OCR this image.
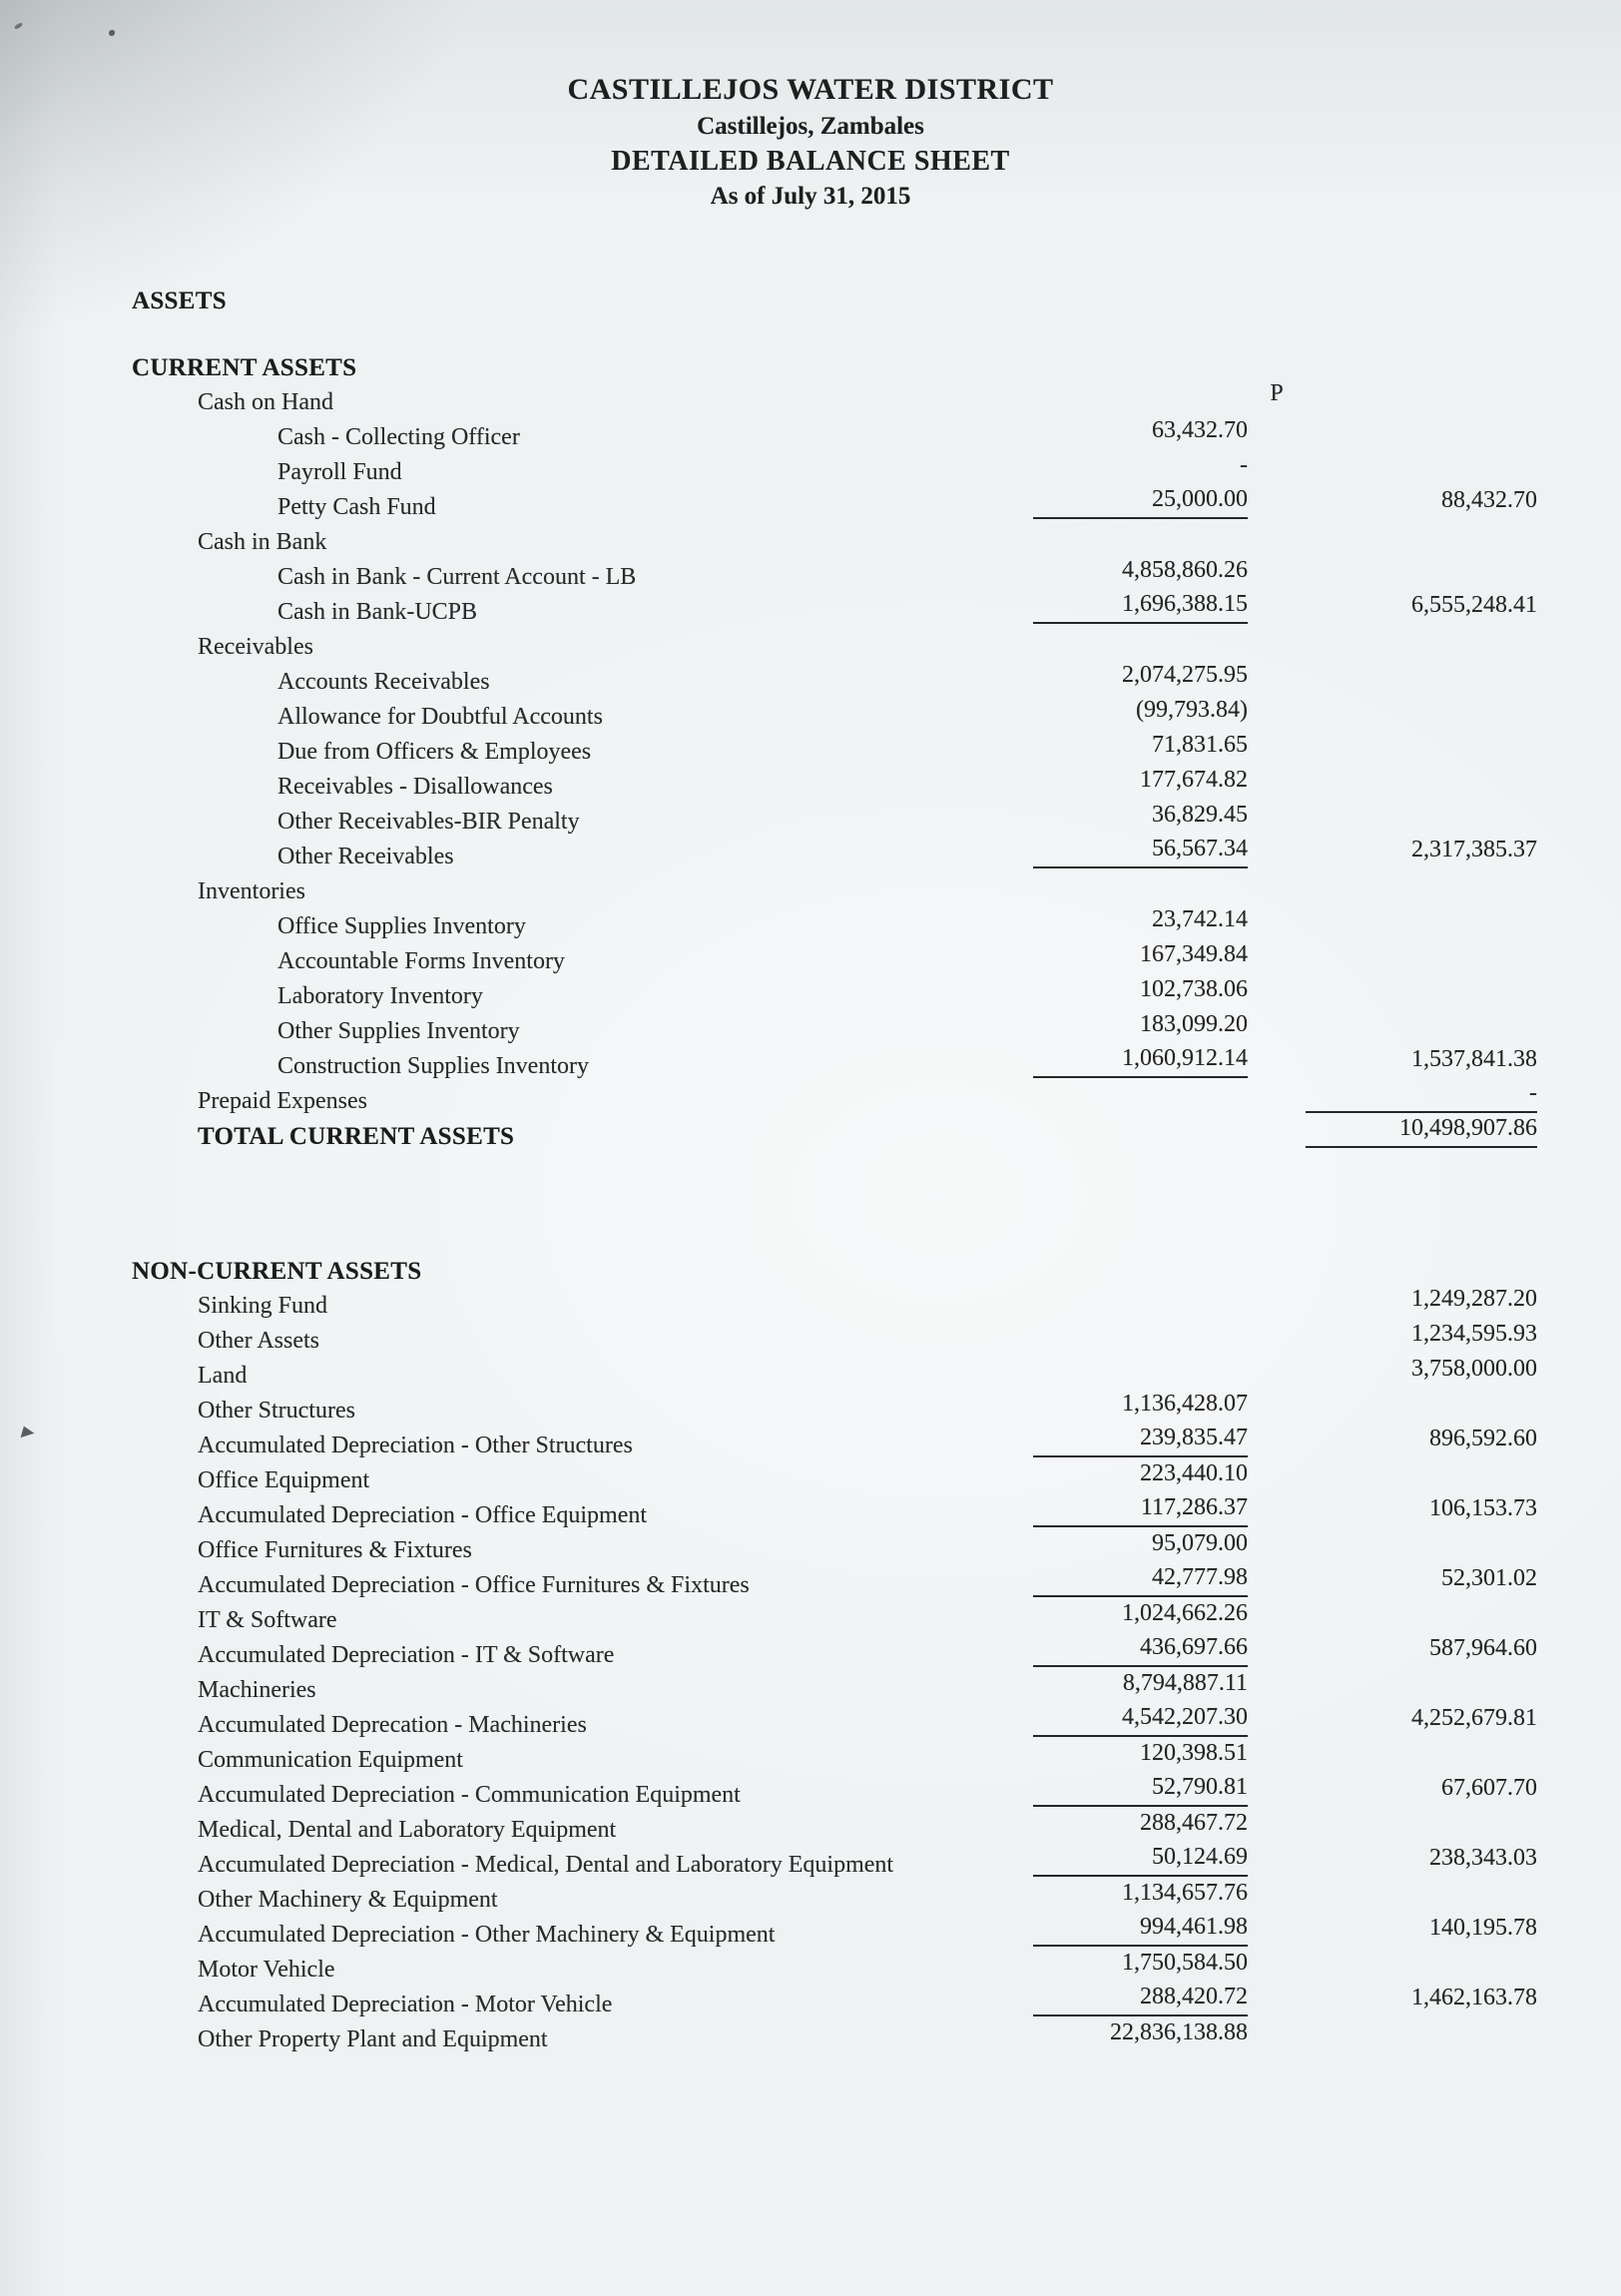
CASTILLEJOS WATER DISTRICT
Castillejos, Zambales
DETAILED BALANCE SHEET
As of July 31, 2015
ASSETS
CURRENT ASSETS
Cash on Hand	P
Cash - Collecting Officer	63,432.70
Payroll Fund	-
Petty Cash Fund	25,000.00	88,432.70
Cash in Bank
Cash in Bank - Current Account - LB	4,858,860.26
Cash in Bank-UCPB	1,696,388.15	6,555,248.41
Receivables
Accounts Receivables	2,074,275.95
Allowance for Doubtful Accounts	(99,793.84)
Due from Officers & Employees	71,831.65
Receivables - Disallowances	177,674.82
Other Receivables-BIR Penalty	36,829.45
Other Receivables	56,567.34	2,317,385.37
Inventories
Office Supplies Inventory	23,742.14
Accountable Forms Inventory	167,349.84
Laboratory Inventory	102,738.06
Other Supplies Inventory	183,099.20
Construction Supplies Inventory	1,060,912.14	1,537,841.38
Prepaid Expenses	-
TOTAL CURRENT ASSETS	10,498,907.86
NON-CURRENT ASSETS
Sinking Fund	1,249,287.20
Other Assets	1,234,595.93
Land	3,758,000.00
Other Structures	1,136,428.07
Accumulated Depreciation - Other Structures	239,835.47	896,592.60
Office Equipment	223,440.10
Accumulated Depreciation - Office Equipment	117,286.37	106,153.73
Office Furnitures & Fixtures	95,079.00
Accumulated Depreciation - Office Furnitures & Fixtures	42,777.98	52,301.02
IT & Software	1,024,662.26
Accumulated Depreciation - IT & Software	436,697.66	587,964.60
Machineries	8,794,887.11
Accumulated Deprecation - Machineries	4,542,207.30	4,252,679.81
Communication Equipment	120,398.51
Accumulated Depreciation - Communication Equipment	52,790.81	67,607.70
Medical, Dental and Laboratory Equipment	288,467.72
Accumulated Depreciation - Medical, Dental and Laboratory Equipment	50,124.69	238,343.03
Other Machinery & Equipment	1,134,657.76
Accumulated Depreciation - Other Machinery & Equipment	994,461.98	140,195.78
Motor Vehicle	1,750,584.50
Accumulated Depreciation - Motor Vehicle	288,420.72	1,462,163.78
Other Property Plant and Equipment	22,836,138.88
